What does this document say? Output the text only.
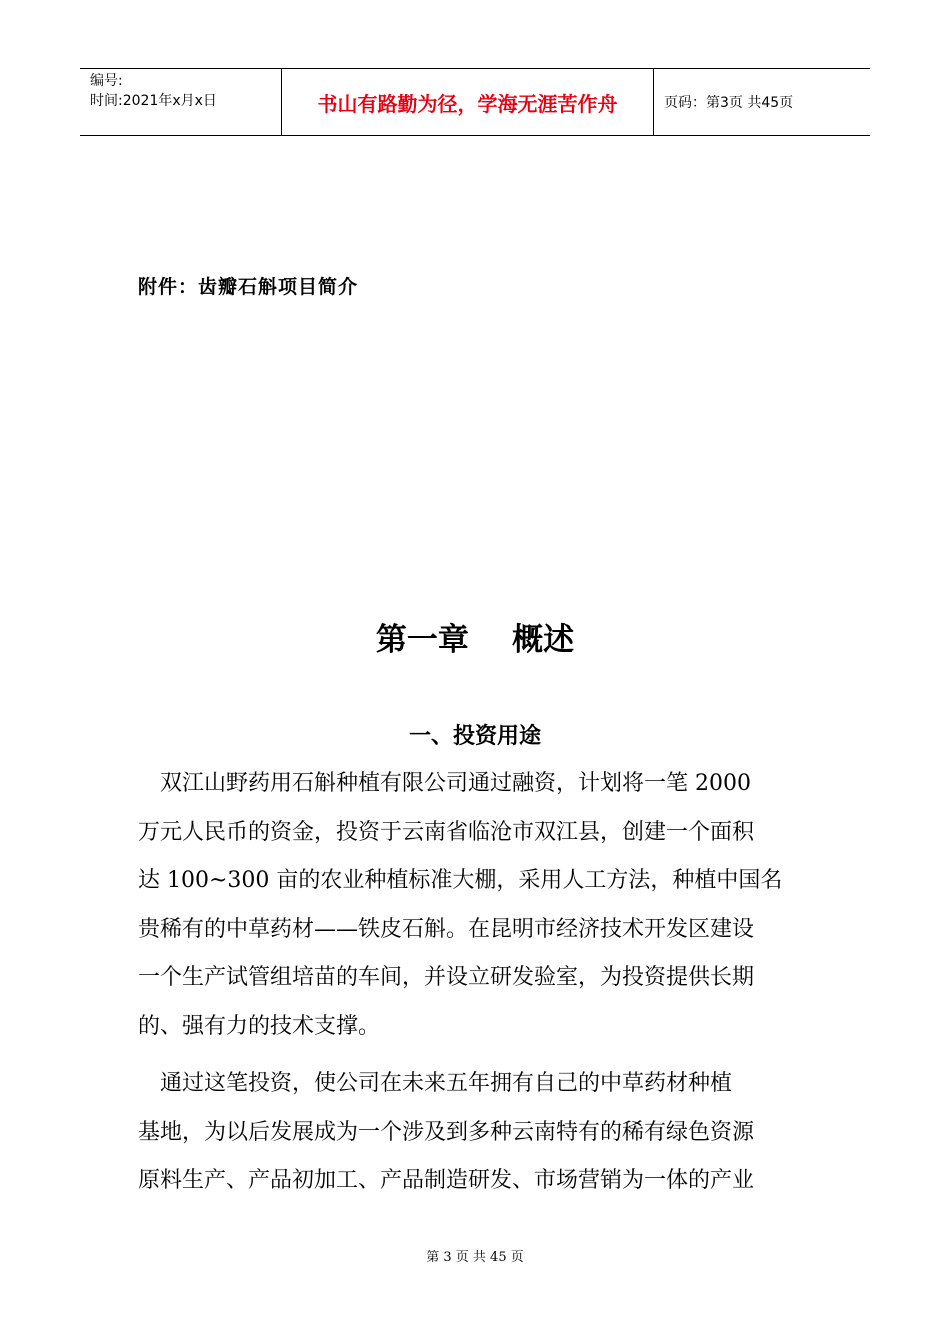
编号:
时间:2021年x月x日	书山有路勤为径，学海无涯苦作舟	页码：第3页 共45页
附件：齿瓣石斛项目简介
第一章    概述
一、投资用途
　双江山野药用石斛种植有限公司通过融资，计划将一笔 2000
万元人民币的资金，投资于云南省临沧市双江县，创建一个面积
达 100~300 亩的农业种植标准大棚，采用人工方法，种植中国名
贵稀有的中草药材——铁皮石斛。在昆明市经济技术开发区建设
一个生产试管组培苗的车间，并设立研发验室，为投资提供长期
的、强有力的技术支撑。
　通过这笔投资，使公司在未来五年拥有自己的中草药材种植
基地，为以后发展成为一个涉及到多种云南特有的稀有绿色资源
原料生产、产品初加工、产品制造研发、市场营销为一体的产业
第 3 页 共 45 页
